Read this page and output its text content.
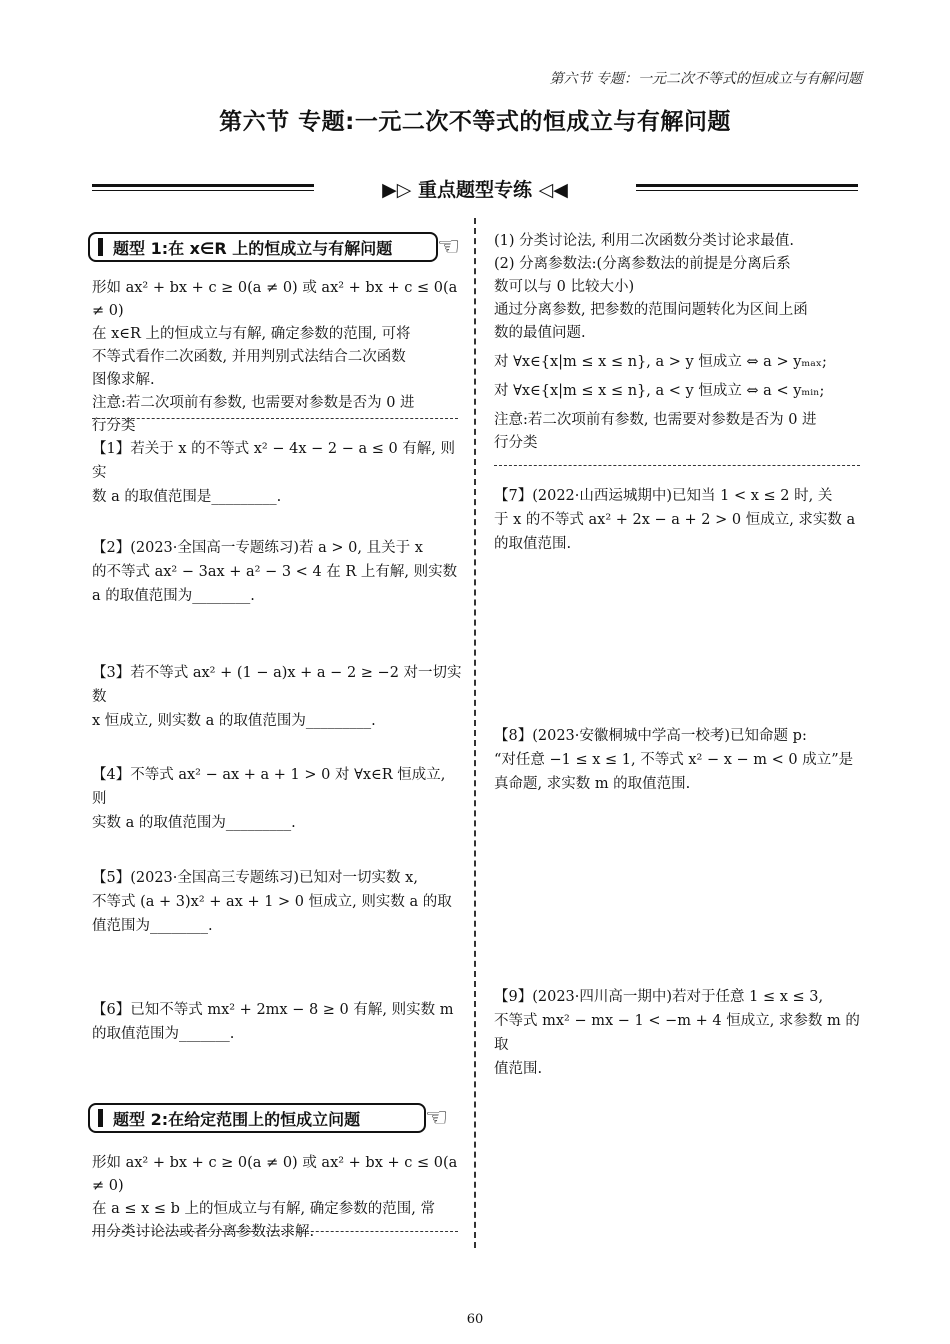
第六节 专题：一元二次不等式的恒成立与有解问题
第六节 专题:一元二次不等式的恒成立与有解问题
▶▷ 重点题型专练 ◁◀
题型 1:在 x∈R 上的恒成立与有解问题 ☜
形如 ax² + bx + c ≥ 0(a ≠ 0) 或 ax² + bx + c ≤ 0(a ≠ 0)
在 x∈R 上的恒成立与有解, 确定参数的范围, 可将
不等式看作二次函数, 并用判别式法结合二次函数
图像求解.
注意:若二次项前有参数, 也需要对参数是否为 0 进
行分类
【1】若关于 x 的不等式 x² − 4x − 2 − a ≤ 0 有解, 则实
数 a 的取值范围是_________.
【2】(2023·全国高一专题练习)若 a > 0, 且关于 x
的不等式 ax² − 3ax + a² − 3 < 4 在 R 上有解, 则实数
a 的取值范围为________.
【3】若不等式 ax² + (1 − a)x + a − 2 ≥ −2 对一切实数
x 恒成立, 则实数 a 的取值范围为_________.
【4】不等式 ax² − ax + a + 1 > 0 对 ∀x∈R 恒成立, 则
实数 a 的取值范围为_________.
【5】(2023·全国高三专题练习)已知对一切实数 x,
不等式 (a + 3)x² + ax + 1 > 0 恒成立, 则实数 a 的取
值范围为________.
【6】已知不等式 mx² + 2mx − 8 ≥ 0 有解, 则实数 m
的取值范围为_______.
题型 2:在给定范围上的恒成立问题 ☜
形如 ax² + bx + c ≥ 0(a ≠ 0) 或 ax² + bx + c ≤ 0(a ≠ 0)
在 a ≤ x ≤ b 上的恒成立与有解, 确定参数的范围, 常
用分类讨论法或者分离参数法求解.
(1) 分类讨论法, 利用二次函数分类讨论求最值.
(2) 分离参数法:(分离参数法的前提是分离后系
数可以与 0 比较大小)
通过分离参数, 把参数的范围问题转化为区间上函
数的最值问题.
对 ∀x∈{x|m ≤ x ≤ n}, a > y 恒成立 ⇔ a > yₘₐₓ;
对 ∀x∈{x|m ≤ x ≤ n}, a < y 恒成立 ⇔ a < yₘᵢₙ;
注意:若二次项前有参数, 也需要对参数是否为 0 进
行分类
【7】(2022·山西运城期中)已知当 1 < x ≤ 2 时, 关
于 x 的不等式 ax² + 2x − a + 2 > 0 恒成立, 求实数 a
的取值范围.
【8】(2023·安徽桐城中学高一校考)已知命题 p:
“对任意 −1 ≤ x ≤ 1, 不等式 x² − x − m < 0 成立”是
真命题, 求实数 m 的取值范围.
【9】(2023·四川高一期中)若对于任意 1 ≤ x ≤ 3,
不等式 mx² − mx − 1 < −m + 4 恒成立, 求参数 m 的取
值范围.
60
